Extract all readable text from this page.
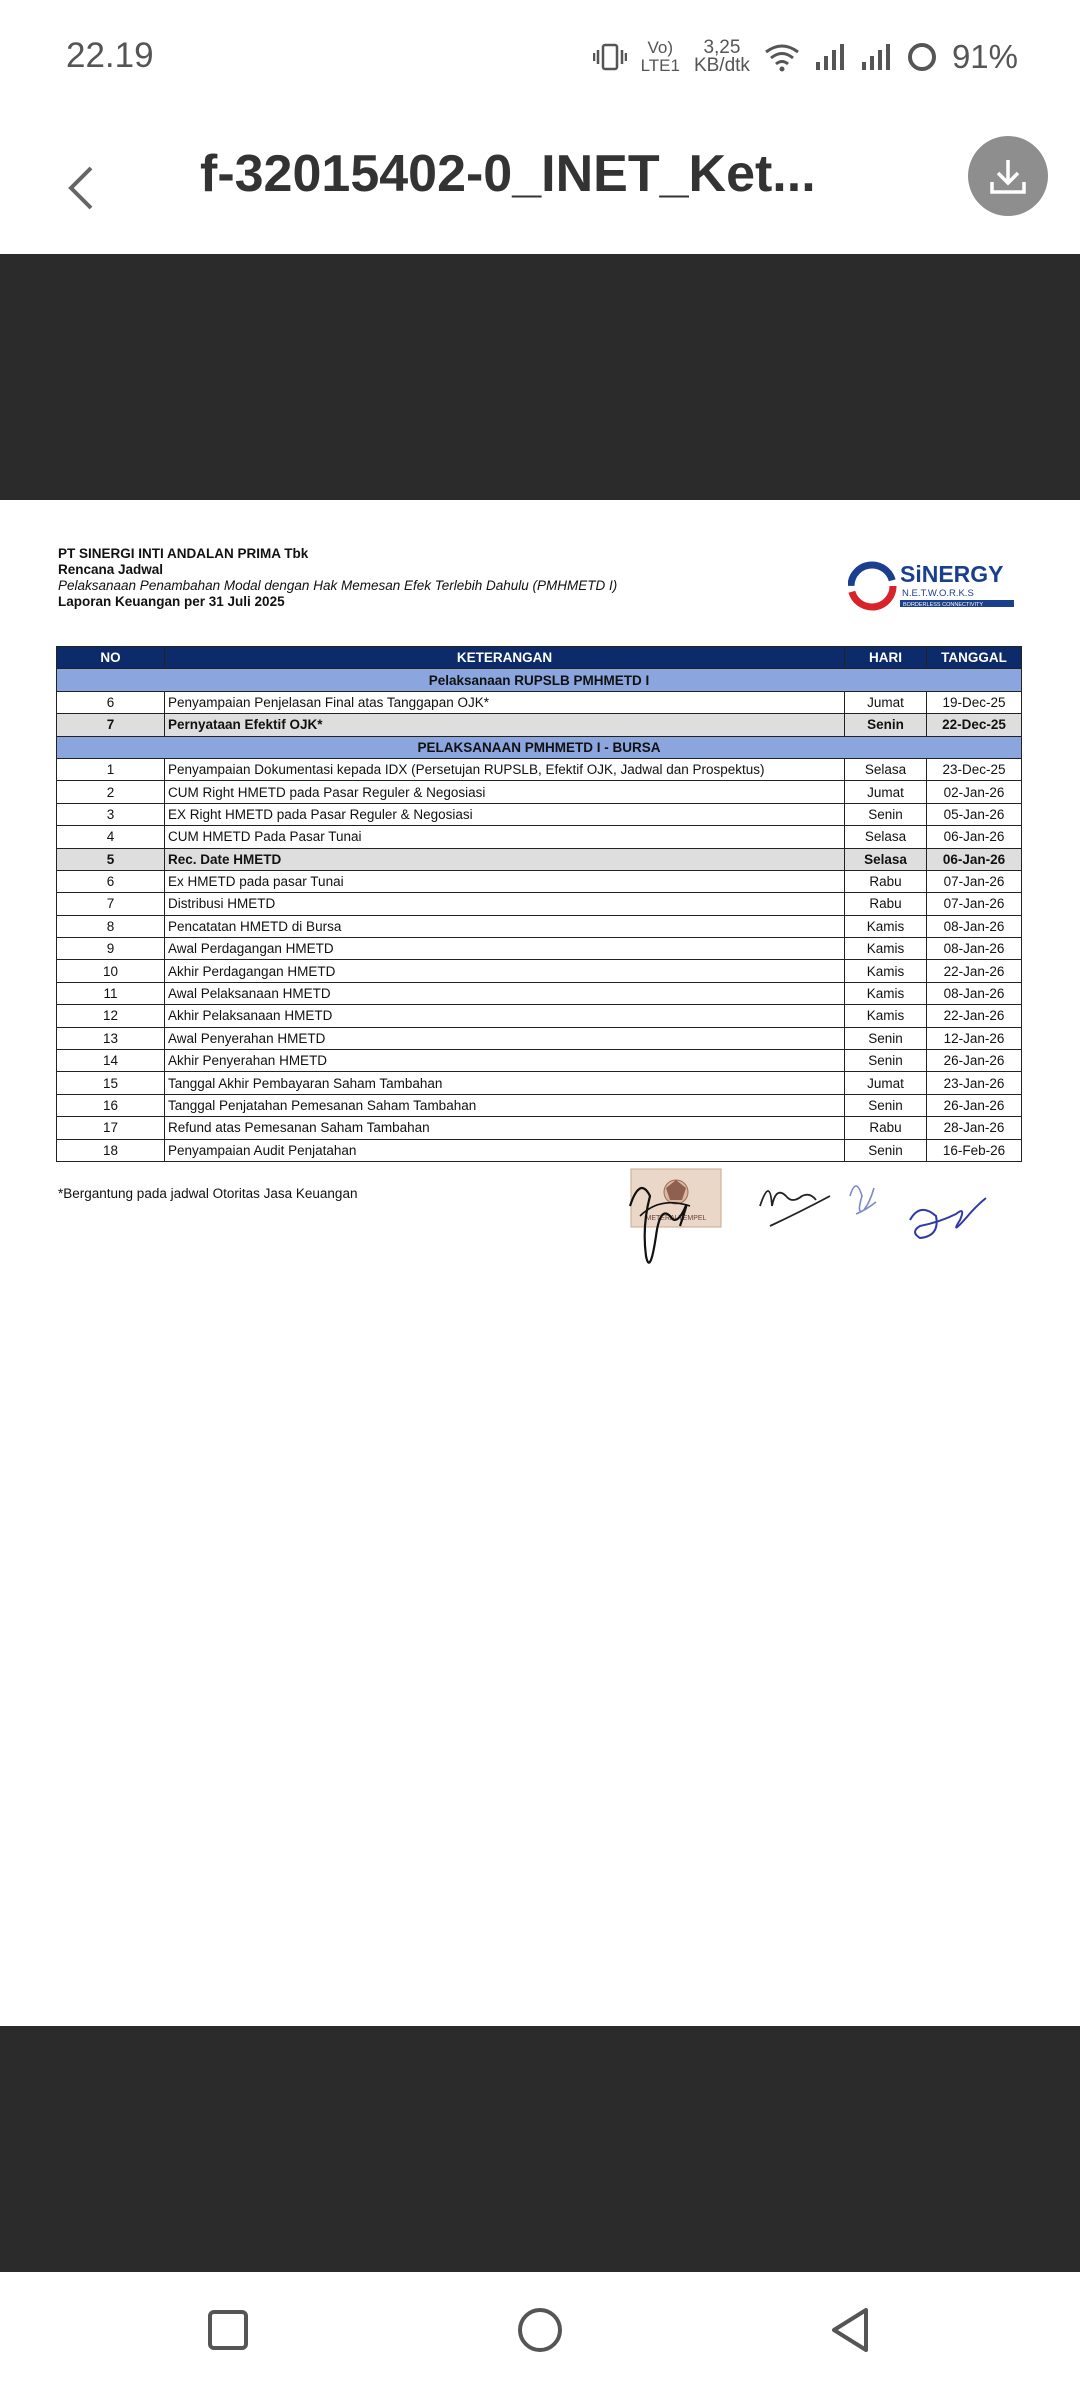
22.19	Vo)
LTE1
3,25
KB/dtk	91%
f-32015402-0_INET_Ket...
PT SINERGI INTI ANDALAN PRIMA Tbk
Rencana Jadwal
Pelaksanaan Penambahan Modal dengan Hak Memesan Efek Terlebih Dahulu (PMHMETD I)
Laporan Keuangan per 31 Juli 2025
SiNERGY
N.E.T.W.O.R.K.S
BORDERLESS CONNECTIVITY
NO	KETERANGAN	HARI	TANGGAL
Pelaksanaan RUPSLB PMHMETD I			
6	Penyampaian Penjelasan Final atas Tanggapan OJK*	Jumat	19-Dec-25
7	Pernyataan Efektif OJK*	Senin	22-Dec-25
PELAKSANAAN PMHMETD I - BURSA			
1	Penyampaian Dokumentasi kepada IDX (Persetujan RUPSLB, Efektif OJK, Jadwal dan Prospektus)	Selasa	23-Dec-25
2	CUM Right HMETD pada Pasar Reguler & Negosiasi	Jumat	02-Jan-26
3	EX Right HMETD pada Pasar Reguler & Negosiasi	Senin	05-Jan-26
4	CUM HMETD Pada Pasar Tunai	Selasa	06-Jan-26
5	Rec. Date HMETD	Selasa	06-Jan-26
6	Ex HMETD pada pasar Tunai	Rabu	07-Jan-26
7	Distribusi HMETD	Rabu	07-Jan-26
8	Pencatatan HMETD di Bursa	Kamis	08-Jan-26
9	Awal Perdagangan HMETD	Kamis	08-Jan-26
10	Akhir Perdagangan HMETD	Kamis	22-Jan-26
11	Awal Pelaksanaan HMETD	Kamis	08-Jan-26
12	Akhir Pelaksanaan HMETD	Kamis	22-Jan-26
13	Awal Penyerahan HMETD	Senin	12-Jan-26
14	Akhir Penyerahan HMETD	Senin	26-Jan-26
15	Tanggal Akhir Pembayaran Saham Tambahan	Jumat	23-Jan-26
16	Tanggal Penjatahan Pemesanan Saham Tambahan	Senin	26-Jan-26
17	Refund atas Pemesanan Saham Tambahan	Rabu	28-Jan-26
18	Penyampaian Audit Penjatahan	Senin	16-Feb-26
*Bergantung pada jadwal Otoritas Jasa Keuangan
METERAI TEMPEL
